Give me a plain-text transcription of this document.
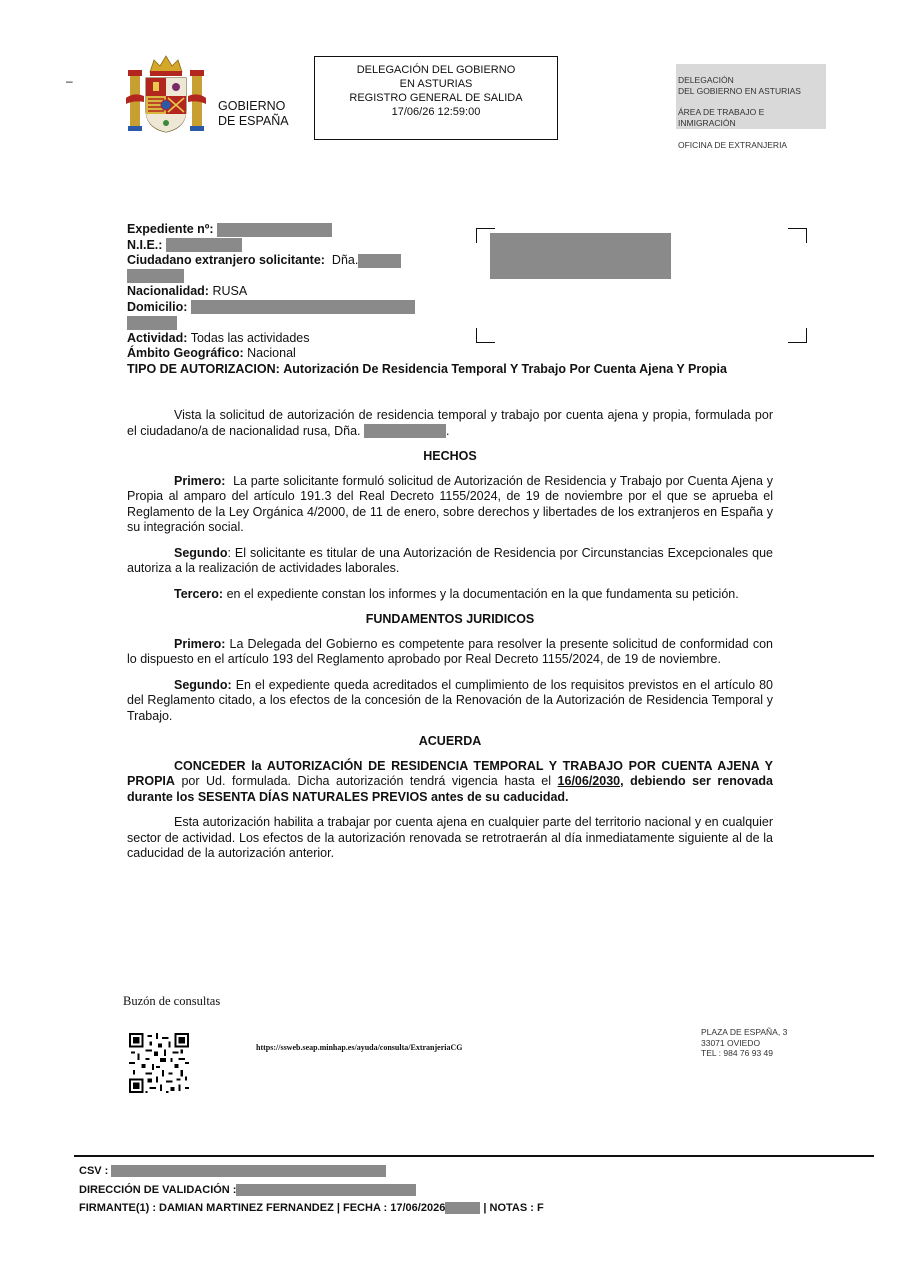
–
GOBIERNO
DE ESPAÑA
DELEGACIÓN DEL GOBIERNO
EN ASTURIAS
REGISTRO GENERAL DE SALIDA
17/06/26 12:59:00
DELEGACIÓN
DEL GOBIERNO EN ASTURIAS
ÁREA DE TRABAJO E
INMIGRACIÓN
OFICINA DE EXTRANJERIA
Expediente nº:
N.I.E.:
Ciudadano extranjero solicitante: Dña.
Nacionalidad: RUSA
Domicilio:
Actividad: Todas las actividades
Ámbito Geográfico: Nacional
TIPO DE AUTORIZACION: Autorización De Residencia Temporal Y Trabajo Por Cuenta Ajena Y Propia

Vista la solicitud de autorización de residencia temporal y trabajo por cuenta ajena y propia, formulada por el ciudadano/a de nacionalidad rusa, Dña.	.

HECHOS

Primero: La parte solicitante formuló solicitud de Autorización de Residencia y Trabajo por Cuenta Ajena y Propia al amparo del artículo 191.3 del Real Decreto 1155/2024, de 19 de noviembre por el que se aprueba el Reglamento de la Ley Orgánica 4/2000, de 11 de enero, sobre derechos y libertades de los extranjeros en España y su integración social.

Segundo: El solicitante es titular de una Autorización de Residencia por Circunstancias Excepcionales que autoriza a la realización de actividades laborales.

Tercero: en el expediente constan los informes y la documentación en la que fundamenta su petición.

FUNDAMENTOS JURIDICOS

Primero: La Delegada del Gobierno es competente para resolver la presente solicitud de conformidad con lo dispuesto en el artículo 193 del Reglamento aprobado por Real Decreto 1155/2024, de 19 de noviembre.

Segundo: En el expediente queda acreditados el cumplimiento de los requisitos previstos en el artículo 80 del Reglamento citado, a los efectos de la concesión de la Renovación de la Autorización de Residencia Temporal y Trabajo.

ACUERDA

CONCEDER la AUTORIZACIÓN DE RESIDENCIA TEMPORAL Y TRABAJO POR CUENTA AJENA Y PROPIA por Ud. formulada. Dicha autorización tendrá vigencia hasta el 16/06/2030, debiendo ser renovada durante los SESENTA DÍAS NATURALES PREVIOS antes de su caducidad.

Esta autorización habilita a trabajar por cuenta ajena en cualquier parte del territorio nacional y en cualquier sector de actividad. Los efectos de la autorización renovada se retrotraerán al día inmediatamente siguiente al de la caducidad de la autorización anterior.

Buzón de consultas
https://ssweb.seap.minhap.es/ayuda/consulta/ExtranjeriaCG
PLAZA DE ESPAÑA, 3
33071 OVIEDO
TEL : 984 76 93 49
CSV :
DIRECCIÓN DE VALIDACIÓN :
FIRMANTE(1) : DAMIAN MARTINEZ FERNANDEZ | FECHA : 17/06/2026	| NOTAS : F
